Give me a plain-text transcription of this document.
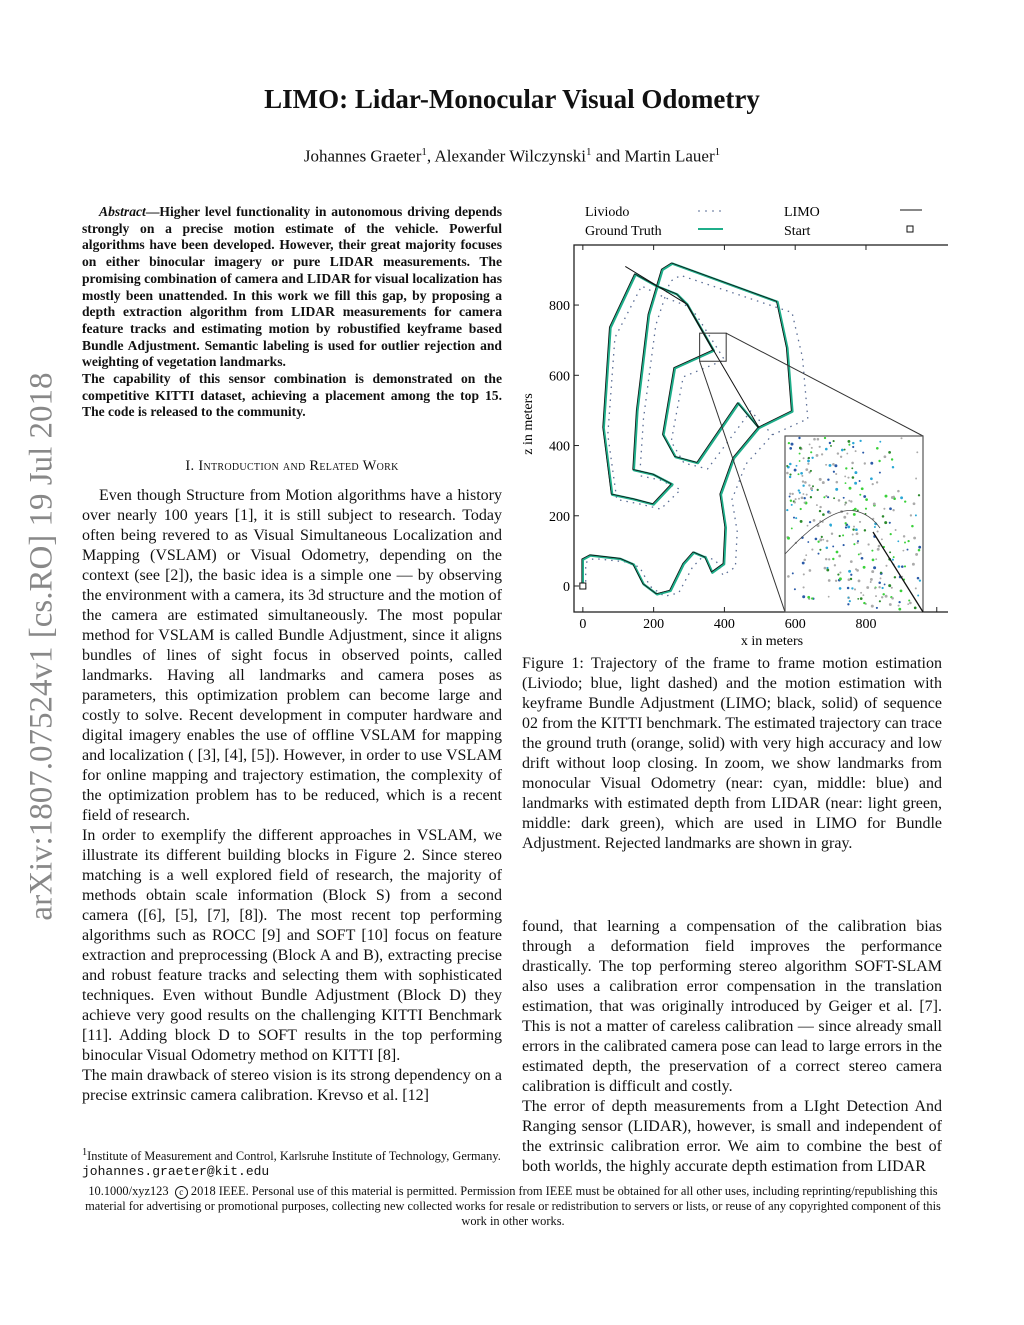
LIMO: Lidar-Monocular Visual Odometry
Johannes Graeter$^1$, Alexander Wilczynski$^1$ and Martin Lauer$^1$
arXiv:1807.07524v1 [cs.RO] 19 Jul 2018

Abstract—Higher level functionality in autonomous driving depends strongly on a precise motion estimate of the vehicle. Powerful algorithms have been developed. However, their great majority focuses on either binocular imagery or pure LIDAR measurements. The promising combination of camera and LIDAR for visual localization has mostly been unattended. In this work we fill this gap, by proposing a depth extraction algorithm from LIDAR measurements for camera feature tracks and estimating motion by robustified keyframe based Bundle Adjustment. Semantic labeling is used for outlier rejection and weighting of vegetation landmarks.

The capability of this sensor combination is demonstrated on the competitive KITTI dataset, achieving a placement among the top 15. The code is released to the community.

I. Introduction and Related Work

Even though Structure from Motion algorithms have a history over nearly 100 years [1], it is still subject to research. Today often being revered to as Visual Simultaneous Localization and Mapping (VSLAM) or Visual Odometry, depending on the context (see [2]), the basic idea is a simple one — by observing the environment with a camera, its 3d structure and the motion of the camera are estimated simultaneously. The most popular method for VSLAM is called Bundle Adjustment, since it aligns bundles of lines of sight focus in observed points, called landmarks. Having all landmarks and camera poses as parameters, this optimization problem can become large and costly to solve. Recent development in computer hardware and digital imagery enables the use of offline VSLAM for mapping and localization ( [3], [4], [5]). However, in order to use VSLAM for online mapping and trajectory estimation, the complexity of the optimization problem has to be reduced, which is a recent field of research.

In order to exemplify the different approaches in VSLAM, we illustrate its different building blocks in Figure 2. Since stereo matching is a well explored field of research, the majority of methods obtain scale information (Block S) from a second camera ([6], [5], [7], [8]). The most recent top performing algorithms such as ROCC [9] and SOFT [10] focus on feature extraction and preprocessing (Block A and B), extracting precise and robust feature tracks and selecting them with sophisticated techniques. Even without Bundle Adjustment (Block D) they achieve very good results on the challenging KITTI Benchmark [11]. Adding block D to SOFT results in the top performing binocular Visual Odometry method on KITTI [8].

The main drawback of stereo vision is its strong dependency on a precise extrinsic camera calibration. Krevso et al. [12]

$^1$Institute of Measurement and Control, Karlsruhe Institute of Technology, Germany. johannes.graeter@kit.edu
Liviodo	LIMO
Ground Truth	Start
0	200	400	600	800
0
200
400
600
800
x in meters
z in meters
Figure 1: Trajectory of the frame to frame motion estimation (Liviodo; blue, light dashed) and the motion estimation with keyframe Bundle Adjustment (LIMO; black, solid) of sequence 02 from the KITTI benchmark. The estimated trajectory can trace the ground truth (orange, solid) with very high accuracy and low drift without loop closing. In zoom, we show landmarks from monocular Visual Odometry (near: cyan, middle: blue) and landmarks with estimated depth from LIDAR (near: light green, middle: dark green), which are used in LIMO for Bundle Adjustment. Rejected landmarks are shown in gray.

found, that learning a compensation of the calibration bias through a deformation field improves the performance drastically. The top performing stereo algorithm SOFT-SLAM also uses a calibration error compensation in the translation estimation, that was originally introduced by Geiger et al. [7]. This is not a matter of careless calibration — since already small errors in the calibrated camera pose can lead to large errors in the estimated depth, the preservation of a correct stereo camera calibration is difficult and costly.

The error of depth measurements from a LIght Detection And Ranging sensor (LIDAR), however, is small and independent of the extrinsic calibration error. We aim to combine the best of both worlds, the highly accurate depth estimation from LIDAR

10.1000/xyz123 c 2018 IEEE. Personal use of this material is permitted. Permission from IEEE must be obtained for all other uses, including reprinting/republishing this material for advertising or promotional purposes, collecting new collected works for resale or redistribution to servers or lists, or reuse of any copyrighted component of this work in other works.
